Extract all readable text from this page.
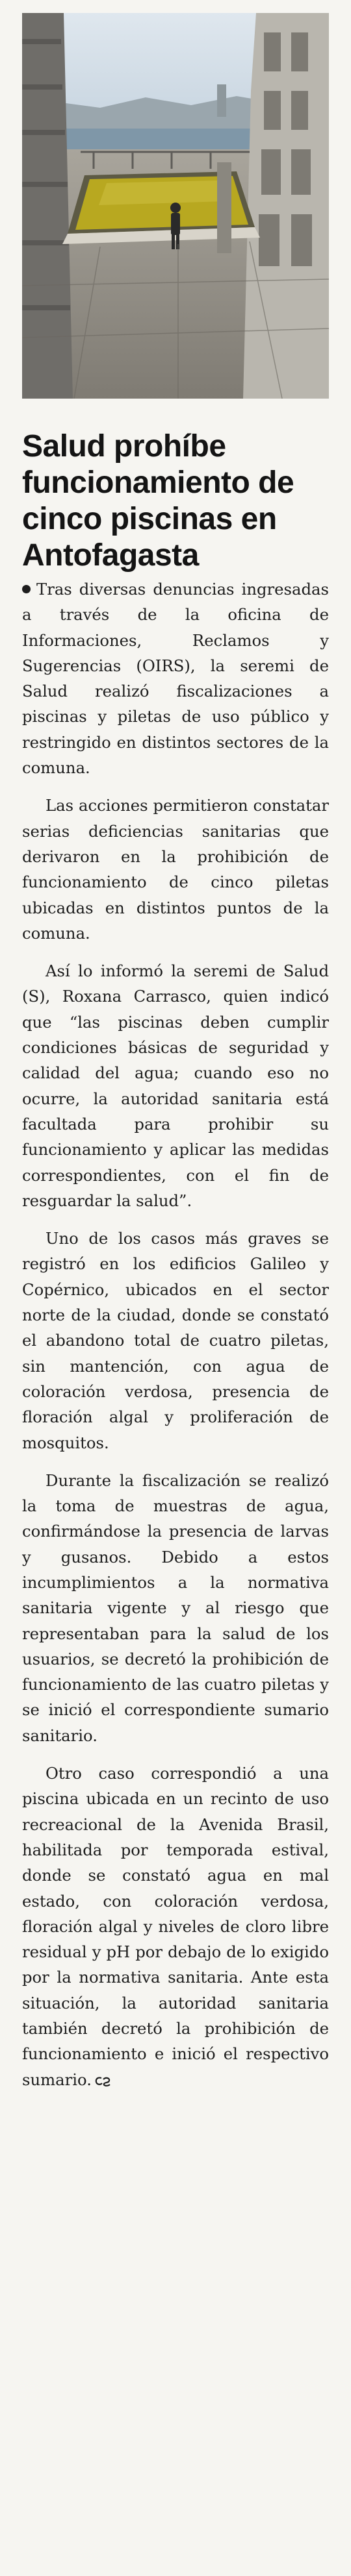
Salud prohíbe funcionamiento de cinco piscinas en Antofagasta

Tras diversas denuncias ingresadas a través de la oficina de Informaciones, Reclamos y Sugerencias (OIRS), la seremi de Salud realizó fiscalizaciones a piscinas y piletas de uso público y restringido en distintos sectores de la comuna.

Las acciones permitieron constatar serias deficiencias sanitarias que derivaron en la prohibición de funcionamiento de cinco piletas ubicadas en distintos puntos de la comuna.

Así lo informó la seremi de Salud (S), Roxana Carrasco, quien indicó que “las piscinas deben cumplir condiciones básicas de seguridad y calidad del agua; cuando eso no ocurre, la autoridad sanitaria está facultada para prohibir su funcionamiento y aplicar las medidas correspondientes, con el fin de resguardar la salud”.

Uno de los casos más graves se registró en los edificios Galileo y Copérnico, ubicados en el sector norte de la ciudad, donde se constató el abandono total de cuatro piletas, sin mantención, con agua de coloración verdosa, presencia de floración algal y proliferación de mosquitos.

Durante la fiscalización se realizó la toma de muestras de agua, confirmándose la presencia de larvas y gusanos. Debido a estos incumplimientos a la normativa sanitaria vigente y al riesgo que representaban para la salud de los usuarios, se decretó la prohibición de funcionamiento de las cuatro piletas y se inició el correspondiente sumario sanitario.

Otro caso correspondió a una piscina ubicada en un recinto de uso recreacional de la Avenida Brasil, habilitada por temporada estival, donde se constató agua en mal estado, con coloración verdosa, floración algal y niveles de cloro libre residual y pH por debajo de lo exigido por la normativa sanitaria. Ante esta situación, la autoridad sanitaria también decretó la prohibición de funcionamiento e inició el respectivo sumario.
